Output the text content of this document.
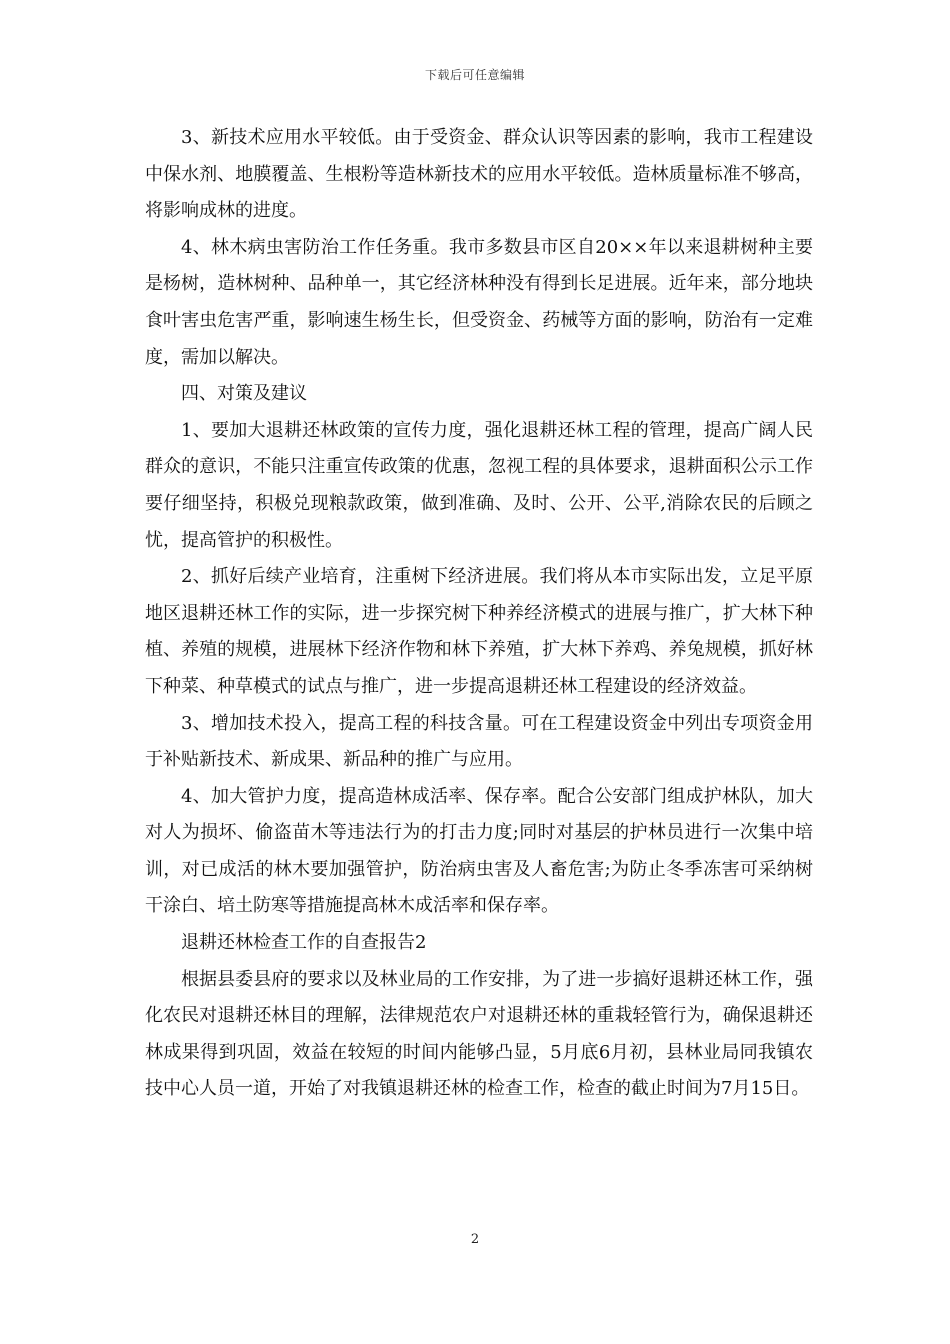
下载后可任意编辑

3、新技术应用水平较低。由于受资金、群众认识等因素的影响，我市工程建设中保水剂、地膜覆盖、生根粉等造林新技术的应用水平较低。造林质量标准不够高，将影响成林的进度。

4、林木病虫害防治工作任务重。我市多数县市区自20××年以来退耕树种主要是杨树，造林树种、品种单一，其它经济林种没有得到长足进展。近年来，部分地块食叶害虫危害严重，影响速生杨生长，但受资金、药械等方面的影响，防治有一定难度，需加以解决。

四、对策及建议

1、要加大退耕还林政策的宣传力度，强化退耕还林工程的管理，提高广阔人民群众的意识，不能只注重宣传政策的优惠，忽视工程的具体要求，退耕面积公示工作要仔细坚持，积极兑现粮款政策，做到准确、及时、公开、公平,消除农民的后顾之忧，提高管护的积极性。

2、抓好后续产业培育，注重树下经济进展。我们将从本市实际出发，立足平原地区退耕还林工作的实际，进一步探究树下种养经济模式的进展与推广，扩大林下种植、养殖的规模，进展林下经济作物和林下养殖，扩大林下养鸡、养兔规模，抓好林下种菜、种草模式的试点与推广，进一步提高退耕还林工程建设的经济效益。

3、增加技术投入，提高工程的科技含量。可在工程建设资金中列出专项资金用于补贴新技术、新成果、新品种的推广与应用。

4、加大管护力度，提高造林成活率、保存率。配合公安部门组成护林队，加大对人为损坏、偷盗苗木等违法行为的打击力度;同时对基层的护林员进行一次集中培训，对已成活的林木要加强管护，防治病虫害及人畜危害;为防止冬季冻害可采纳树干涂白、培土防寒等措施提高林木成活率和保存率。

退耕还林检查工作的自查报告2

根据县委县府的要求以及林业局的工作安排，为了进一步搞好退耕还林工作，强化农民对退耕还林目的理解，法律规范农户对退耕还林的重栽轻管行为，确保退耕还林成果得到巩固，效益在较短的时间内能够凸显，5月底6月初，县林业局同我镇农技中心人员一道，开始了对我镇退耕还林的检查工作，检查的截止时间为7月15日。

2
